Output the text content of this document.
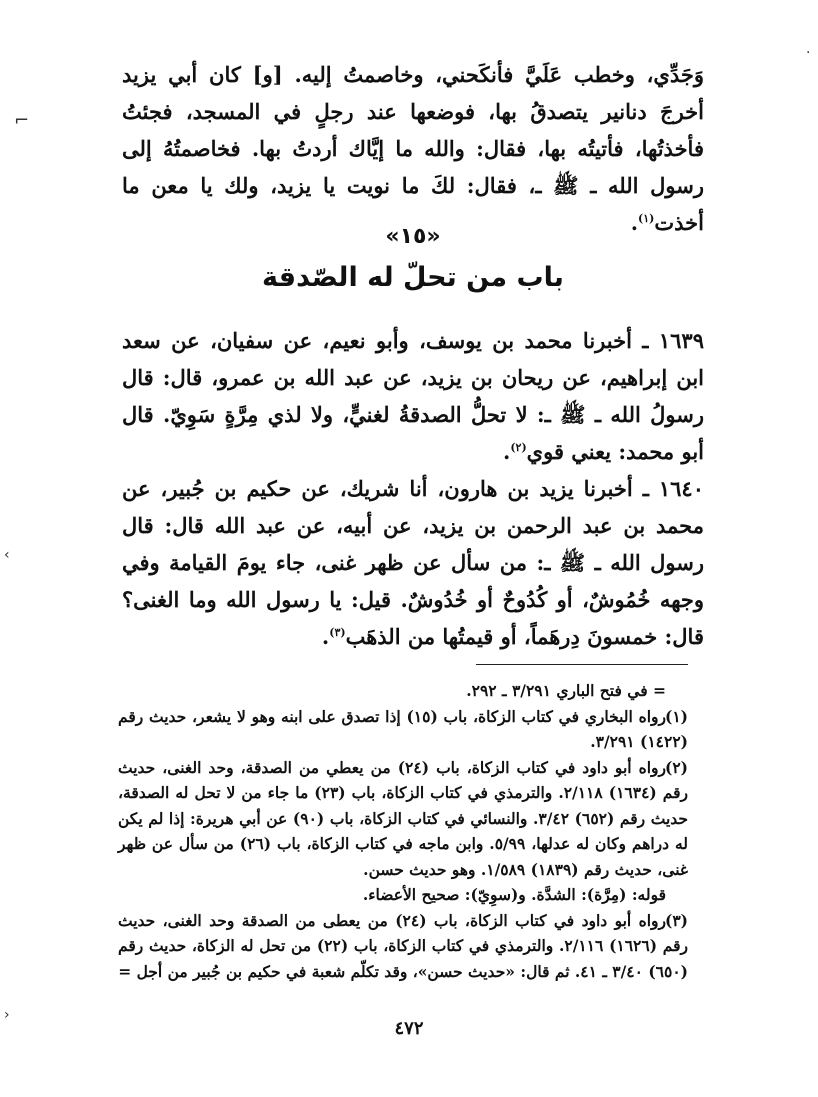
⌐
·
›
‹

وَجَدِّي، وخطب عَلَيَّ فأنكَحني، وخاصمتُ إليه. [و] كان أبي يزيد أخرجَ دنانير يتصدقُ بها، فوضعها عند رجلٍ في المسجد، فجئتُ فأخذتُها، فأتيتُه بها، فقال: والله ما إيَّاك أردتُ بها. فخاصمتُهُ إلى رسول الله ـ ﷺ ـ، فقال: لكَ ما نويت يا يزيد، ولك يا معن ما أخذت$^{(١)}$.

«١٥»
باب من تحلّ له الصّدقة

١٦٣٩ ـ أخبرنا محمد بن يوسف، وأبو نعيم، عن سفيان، عن سعد ابن إبراهيم، عن ريحان بن يزيد، عن عبد الله بن عمرو، قال: قال رسولُ الله ـ ﷺ ـ: لا تحلُّ الصدقةُ لغنيٍّ، ولا لذي مِرَّةٍ سَوِيّ. قال أبو محمد: يعني قوي$^{(٢)}$.

١٦٤٠ ـ أخبرنا يزيد بن هارون، أنا شريك، عن حكيم بن جُبير، عن محمد بن عبد الرحمن بن يزيد، عن أبيه، عن عبد الله قال: قال رسول الله ـ ﷺ ـ: من سأل عن ظهر غنى، جاء يومَ القيامة وفي وجهه خُمُوشٌ، أو كُدُوحٌ أو خُدُوشٌ. قيل: يا رسول الله وما الغنى؟ قال: خمسونَ دِرهَماً، أو قيمتُها من الذهَب$^{(٣)}$.

= في فتح الباري ٣/٢٩١ ـ ٢٩٢.

(١)رواه البخاري في كتاب الزكاة، باب (١٥) إذا تصدق على ابنه وهو لا يشعر، حديث رقم (١٤٢٢) ٣/٢٩١.

(٢)رواه أبو داود في كتاب الزكاة، باب (٢٤) من يعطي من الصدقة، وحد الغنى، حديث رقم (١٦٣٤) ٢/١١٨. والترمذي في كتاب الزكاة، باب (٢٣) ما جاء من لا تحل له الصدقة، حديث رقم (٦٥٢) ٣/٤٢. والنسائي في كتاب الزكاة، باب (٩٠) عن أبي هريرة: إذا لم يكن له دراهم وكان له عدلها، ٥/٩٩. وابن ماجه في كتاب الزكاة، باب (٢٦) من سأل عن ظهر غنى، حديث رقم (١٨٣٩) ١/٥٨٩. وهو حديث حسن.

قوله: (مِرَّة): الشدَّة. و(سوِيّ): صحيح الأعضاء.

(٣)رواه أبو داود في كتاب الزكاة، باب (٢٤) من يعطى من الصدقة وحد الغنى، حديث رقم (١٦٢٦) ٢/١١٦. والترمذي في كتاب الزكاة، باب (٢٢) من تحل له الزكاة، حديث رقم (٦٥٠) ٣/٤٠ ـ ٤١. ثم قال: «حديث حسن»، وقد تكلّم شعبة في حكيم بن جُبير من أجل =

٤٧٢
